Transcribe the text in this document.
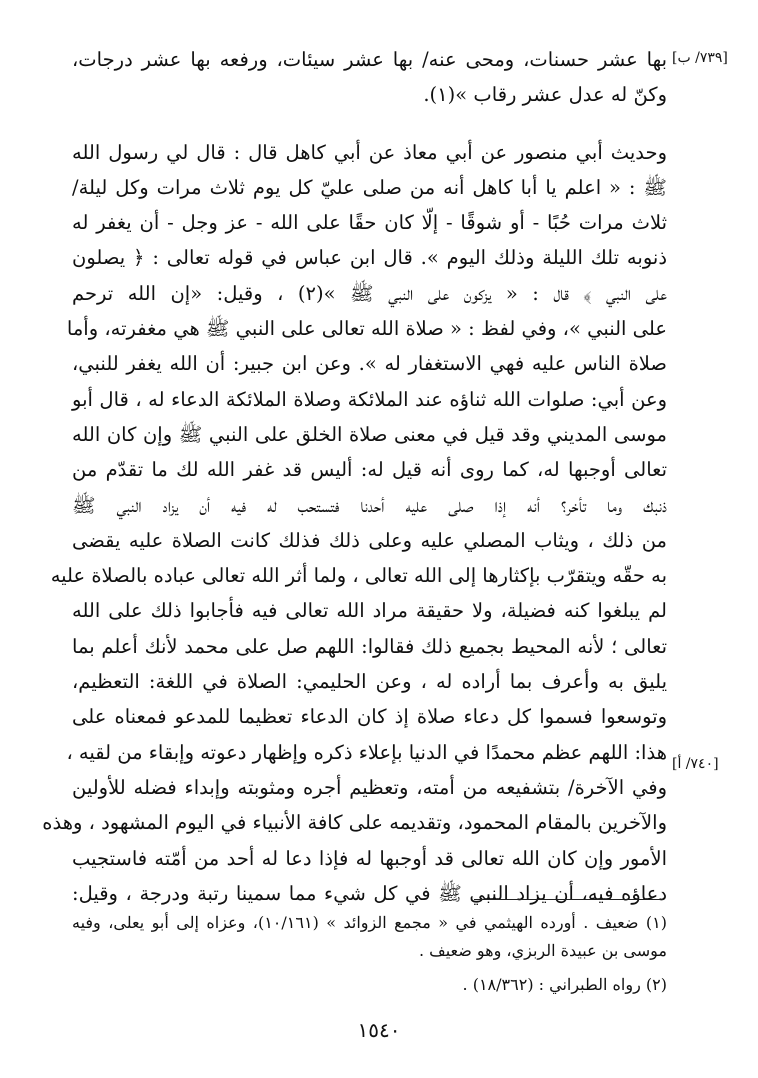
[٧٣٩/ ب]
[٧٤٠/ أ]
بها عشر حسنات، ومحى عنه/ بها عشر سيئات، ورفعه بها عشر درجات،
وكنّ له عدل عشر رقاب »(١).
وحديث أبي منصور عن أبي معاذ عن أبي كاهل قال : قال لي رسول الله
ﷺ : « اعلم يا أبا كاهل أنه من صلى عليّ كل يوم ثلاث مرات وكل ليلة/
ثلاث مرات حُبًا - أو شوقًا - إلّا كان حقًا على الله - عز وجل - أن يغفر له
ذنوبه تلك الليلة وذلك اليوم ». قال ابن عباس في قوله تعالى : ﴿ يصلون
على النبي ﴾ قال : « يزكون على النبي ﷺ »(٢) ، وقيل: «إن الله ترحم
على النبي »، وفي لفظ : « صلاة الله تعالى على النبي ﷺ هي مغفرته، وأما
صلاة الناس عليه فهي الاستغفار له ». وعن ابن جبير: أن الله يغفر للنبي،
وعن أبي: صلوات الله ثناؤه عند الملائكة وصلاة الملائكة الدعاء له ، قال أبو
موسى المديني وقد قيل في معنى صلاة الخلق على النبي ﷺ وإن كان الله
تعالى أوجبها له، كما روى أنه قيل له: أليس قد غفر الله لك ما تقدّم من
ذنبك وما تأخر؟ أنه إذا صلى عليه أحدنا فتستحب له فيه أن يزاد النبي ﷺ
من ذلك ، ويثاب المصلي عليه وعلى ذلك فذلك كانت الصلاة عليه يقضى
به حقّه ويتقرّب بإكثارها إلى الله تعالى ، ولما أثر الله تعالى عباده بالصلاة عليه
لم يبلغوا كنه فضيلة، ولا حقيقة مراد الله تعالى فيه فأجابوا ذلك على الله
تعالى ؛ لأنه المحيط بجميع ذلك فقالوا: اللهم صل على محمد لأنك أعلم بما
يليق به وأعرف بما أراده له ، وعن الحليمي: الصلاة في اللغة: التعظيم،
وتوسعوا فسموا كل دعاء صلاة إذ كان الدعاء تعظيما للمدعو فمعناه على
هذا: اللهم عظم محمدًا في الدنيا بإعلاء ذكره وإظهار دعوته وإبقاء من لقيه ،
وفي الآخرة/ بتشفيعه من أمته، وتعظيم أجره ومثوبته وإبداء فضله للأولين
والآخرين بالمقام المحمود، وتقديمه على كافة الأنبياء في اليوم المشهود ، وهذه
الأمور وإن كان الله تعالى قد أوجبها له فإذا دعا له أحد من أمّته فاستجيب
دعاؤه فيه، أن يزاد النبي ﷺ في كل شيء مما سمينا رتبة ودرجة ، وقيل:
(١) ضعيف . أورده الهيثمي في « مجمع الزوائد » (١٠/١٦١)، وعزاه إلى أبو يعلى، وفيه
موسى بن عبيدة الربزي، وهو ضعيف .
(٢) رواه الطبراني : (١٨/٣٦٢) .
١٥٤٠
